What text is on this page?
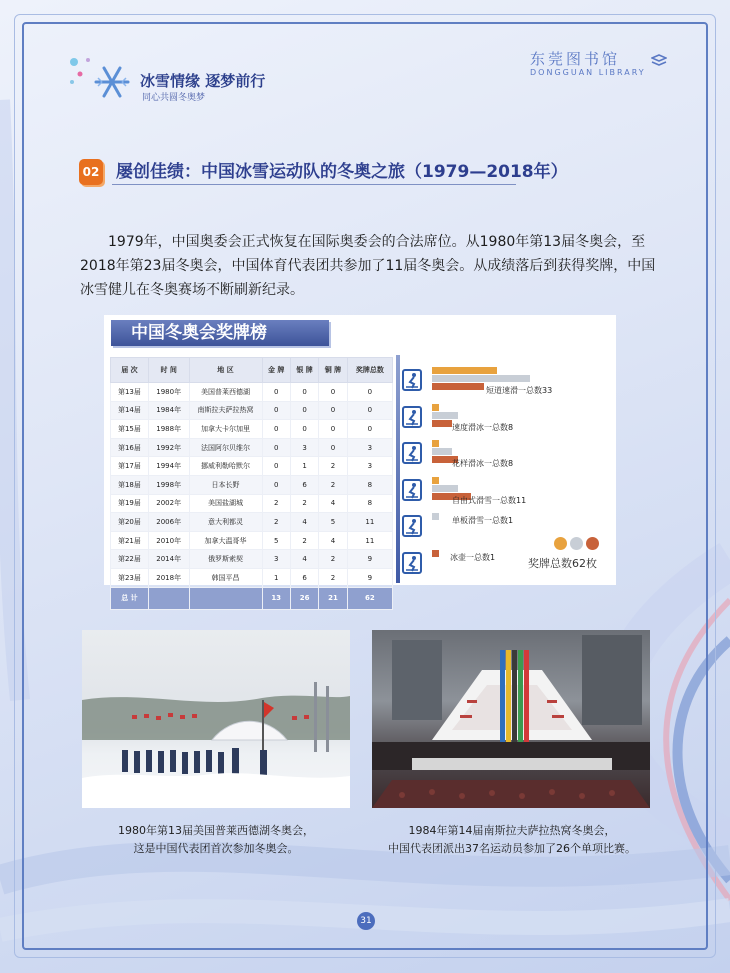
冰雪情缘 逐梦前行
同心共圆冬奥梦
东莞图书馆
DONGGUAN LIBRARY
02 屡创佳绩：中国冰雪运动队的冬奥之旅（1979—2018年）

1979年，中国奥委会正式恢复在国际奥委会的合法席位。从1980年第13届冬奥会，至2018年第23届冬奥会，中国体育代表团共参加了11届冬奥会。从成绩落后到获得奖牌，中国冰雪健儿在冬奥赛场不断刷新纪录。

中国冬奥会奖牌榜
届 次	时 间	地 区	金 牌	银 牌	铜 牌	奖牌总数
第13届	1980年	美国普莱西德湖	0	0	0	0
第14届	1984年	南斯拉夫萨拉热窝	0	0	0	0
第15届	1988年	加拿大卡尔加里	0	0	0	0
第16届	1992年	法国阿尔贝维尔	0	3	0	3
第17届	1994年	挪威利勒哈默尔	0	1	2	3
第18届	1998年	日本长野	0	6	2	8
第19届	2002年	美国盐湖城	2	2	4	8
第20届	2006年	意大利都灵	2	4	5	11
第21届	2010年	加拿大温哥华	5	2	4	11
第22届	2014年	俄罗斯索契	3	4	2	9
第23届	2018年	韩国平昌	1	6	2	9
总 计			13	26	21	62
短道速滑一总数33
速度滑冰一总数8
花样滑冰一总数8
自由式滑雪一总数11
单板滑雪一总数1
冰壶一总数1	奖牌总数62枚

1980年第13届美国普莱西德湖冬奥会，
这是中国代表团首次参加冬奥会。

1984年第14届南斯拉夫萨拉热窝冬奥会，
中国代表团派出37名运动员参加了26个单项比赛。

31
